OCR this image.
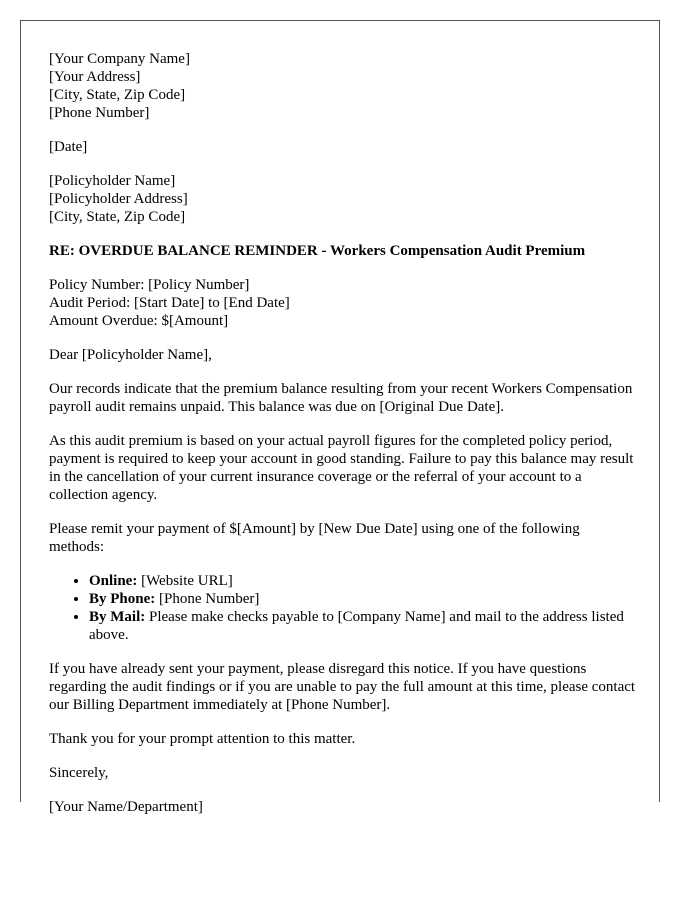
[Your Company Name]
[Your Address]
[City, State, Zip Code]
[Phone Number]
[Date]
[Policyholder Name]
[Policyholder Address]
[City, State, Zip Code]
RE: OVERDUE BALANCE REMINDER - Workers Compensation Audit Premium
Policy Number: [Policy Number]
Audit Period: [Start Date] to [End Date]
Amount Overdue: $[Amount]

Dear [Policyholder Name],

Our records indicate that the premium balance resulting from your recent Workers Compensation payroll audit remains unpaid. This balance was due on [Original Due Date].

As this audit premium is based on your actual payroll figures for the completed policy period, payment is required to keep your account in good standing. Failure to pay this balance may result in the cancellation of your current insurance coverage or the referral of your account to a collection agency.

Please remit your payment of $[Amount] by [New Due Date] using one of the following methods:

• Online: [Website URL]
• By Phone: [Phone Number]
• By Mail: Please make checks payable to [Company Name] and mail to the address listed above.

If you have already sent your payment, please disregard this notice. If you have questions regarding the audit findings or if you are unable to pay the full amount at this time, please contact our Billing Department immediately at [Phone Number].

Thank you for your prompt attention to this matter.

Sincerely,

[Your Name/Department]
